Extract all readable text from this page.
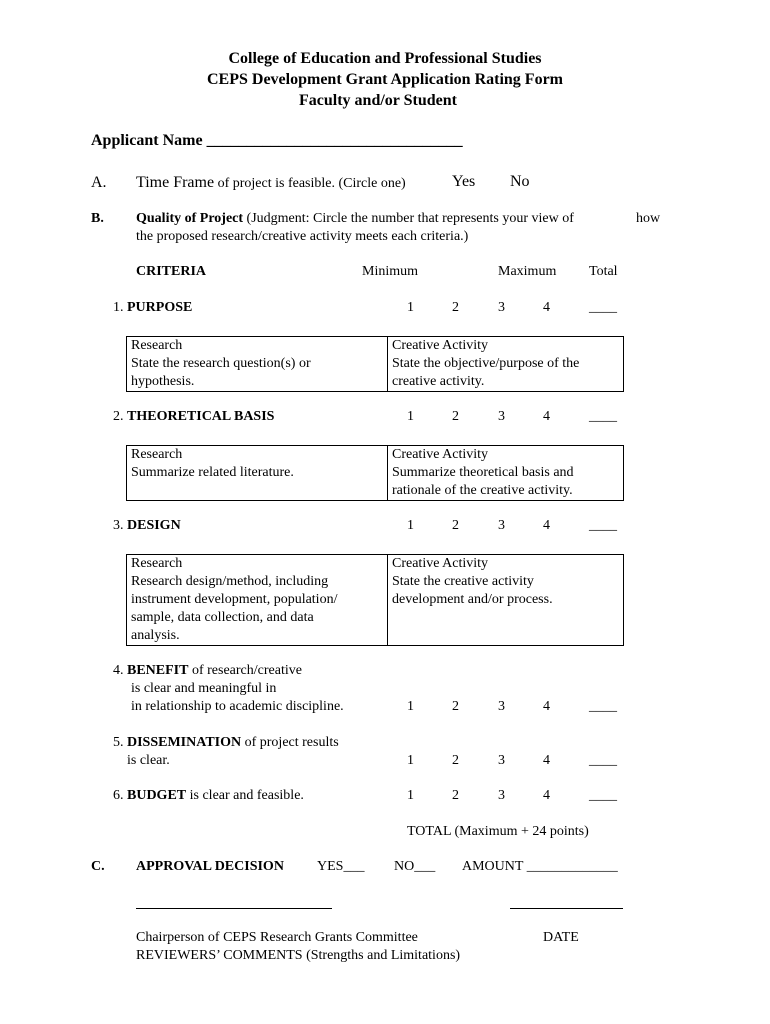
College of Education and Professional Studies
CEPS Development Grant Application Rating Form
Faculty and/or Student
Applicant Name ________________________________
A. Time Frame of project is feasible. (Circle one)	Yes No
B. Quality of Project (Judgment: Circle the number that represents your view of	how
the proposed research/creative activity meets each criteria.)
CRITERIA	Minimum	Maximum Total
1. PURPOSE	1	2	3	4	____
Research
State the research question(s) or
hypothesis.

Creative Activity
State the objective/purpose of the
creative activity.
2. THEORETICAL BASIS	1	2	3	4	____
Research
Summarize related literature.

Creative Activity
Summarize theoretical basis and
rationale of the creative activity.
3. DESIGN	1	2	3	4	____
Research
Research design/method, including
instrument development, population/
sample, data collection, and data
analysis.

Creative Activity
State the creative activity
development and/or process.
4. BENEFIT of research/creative
is clear and meaningful in
in relationship to academic discipline.	1	2	3	4	____
5. DISSEMINATION of project results
is clear.	1	2	3	4	____
6. BUDGET is clear and feasible.	1	2	3	4	____
TOTAL (Maximum + 24 points)
C. APPROVAL DECISION YES___ NO___ AMOUNT _____________
Chairperson of CEPS Research Grants Committee	DATE
REVIEWERS’ COMMENTS (Strengths and Limitations)
